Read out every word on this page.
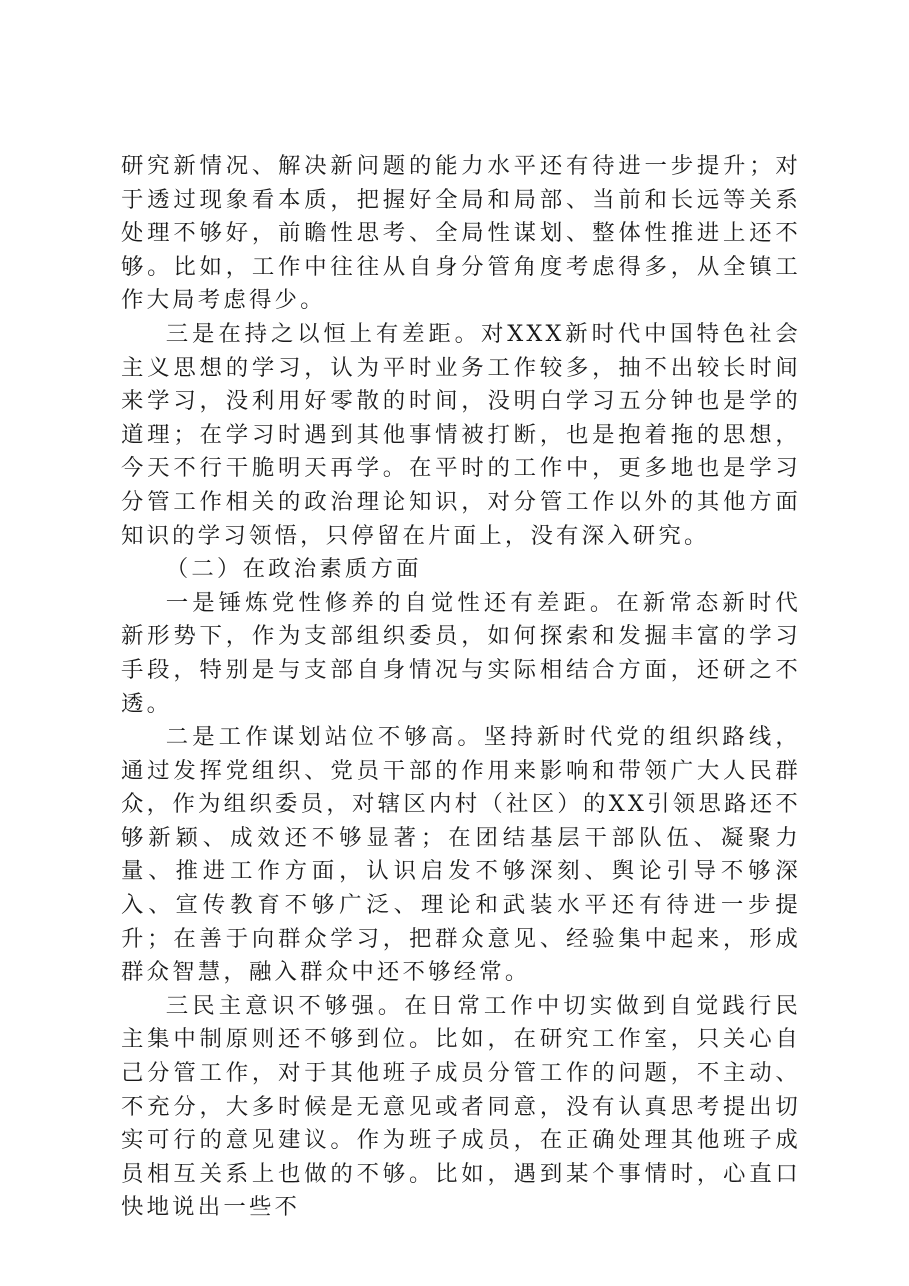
研究新情况、解决新问题的能力水平还有待进一步提升；对于透过现象看本质，把握好全局和局部、当前和长远等关系处理不够好，前瞻性思考、全局性谋划、整体性推进上还不够。比如，工作中往往从自身分管角度考虑得多，从全镇工作大局考虑得少。

三是在持之以恒上有差距。对XXX新时代中国特色社会主义思想的学习，认为平时业务工作较多，抽不出较长时间来学习，没利用好零散的时间，没明白学习五分钟也是学的道理；在学习时遇到其他事情被打断，也是抱着拖的思想，今天不行干脆明天再学。在平时的工作中，更多地也是学习分管工作相关的政治理论知识，对分管工作以外的其他方面知识的学习领悟，只停留在片面上，没有深入研究。

（二）在政治素质方面

一是锤炼党性修养的自觉性还有差距。在新常态新时代新形势下，作为支部组织委员，如何探索和发掘丰富的学习手段，特别是与支部自身情况与实际相结合方面，还研之不透。

二是工作谋划站位不够高。坚持新时代党的组织路线，通过发挥党组织、党员干部的作用来影响和带领广大人民群众，作为组织委员，对辖区内村（社区）的XX引领思路还不够新颖、成效还不够显著；在团结基层干部队伍、凝聚力量、推进工作方面，认识启发不够深刻、舆论引导不够深入、宣传教育不够广泛、理论和武装水平还有待进一步提升；在善于向群众学习，把群众意见、经验集中起来，形成群众智慧，融入群众中还不够经常。

三民主意识不够强。在日常工作中切实做到自觉践行民主集中制原则还不够到位。比如，在研究工作室，只关心自己分管工作，对于其他班子成员分管工作的问题，不主动、不充分，大多时候是无意见或者同意，没有认真思考提出切实可行的意见建议。作为班子成员，在正确处理其他班子成员相互关系上也做的不够。比如，遇到某个事情时，心直口快地说出一些不
